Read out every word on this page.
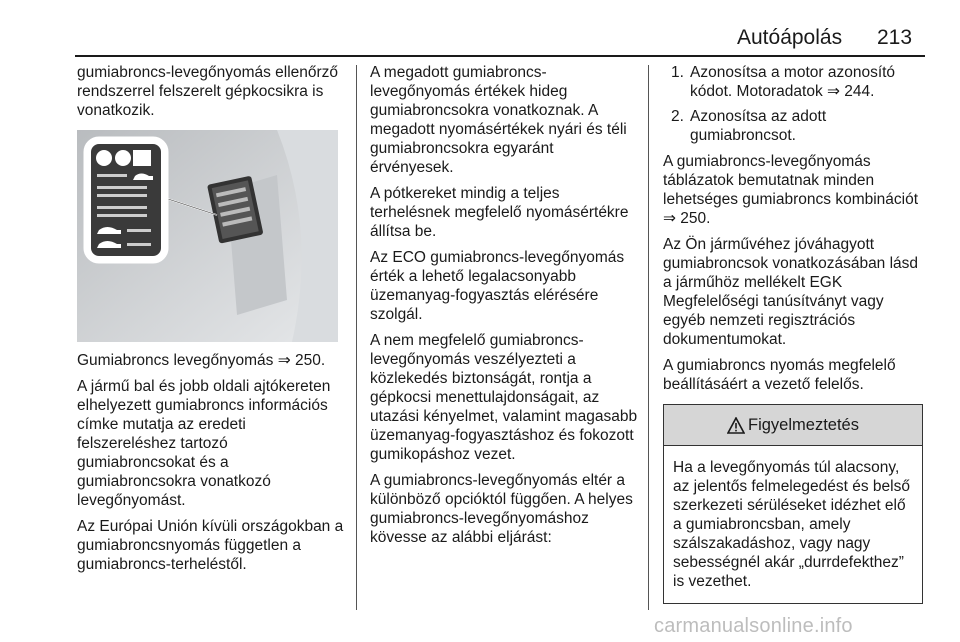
Autóápolás 213

gumiabroncs-levegőnyomás ellenőrző rendszerrel felszerelt gépkocsikra is vonatkozik.

Gumiabroncs levegőnyomás ⇒ 250.

A jármű bal és jobb oldali ajtókereten elhelyezett gumiabroncs információs címke mutatja az eredeti felszereléshez tartozó gumiabroncsokat és a gumiabroncsokra vonatkozó levegőnyomást.

Az Európai Unión kívüli országokban a gumiabroncsnyomás független a gumiabroncs-terheléstől.

A megadott gumiabroncs-levegőnyomás értékek hideg gumiabroncsokra vonatkoznak. A megadott nyomásértékek nyári és téli gumiabroncsokra egyaránt érvényesek.

A pótkereket mindig a teljes terhelésnek megfelelő nyomásértékre állítsa be.

Az ECO gumiabroncs-levegőnyomás érték a lehető legalacsonyabb üzemanyag-fogyasztás elérésére szolgál.

A nem megfelelő gumiabroncs-levegőnyomás veszélyezteti a közlekedés biztonságát, rontja a gépkocsi menettulajdonságait, az utazási kényelmet, valamint magasabb üzemanyag-fogyasztáshoz és fokozott gumikopáshoz vezet.

A gumiabroncs-levegőnyomás eltér a különböző opcióktól függően. A helyes gumiabroncs-levegőnyomáshoz kövesse az alábbi eljárást:

1. Azonosítsa a motor azonosító kódot. Motoradatok ⇒ 244.
2. Azonosítsa az adott gumiabroncsot.

A gumiabroncs-levegőnyomás táblázatok bemutatnak minden lehetséges gumiabroncs kombinációt ⇒ 250.

Az Ön járművéhez jóváhagyott gumiabroncsok vonatkozásában lásd a járműhöz mellékelt EGK Megfelelőségi tanúsítványt vagy egyéb nemzeti regisztrációs dokumentumokat.

A gumiabroncs nyomás megfelelő beállításáért a vezető felelős.

Figyelmeztetés
Ha a levegőnyomás túl alacsony, az jelentős felmelegedést és belső szerkezeti sérüléseket idézhet elő a gumiabroncsban, amely szálszakadáshoz, vagy nagy sebességnél akár „durrdefekthez” is vezethet.
carmanualsonline.info
